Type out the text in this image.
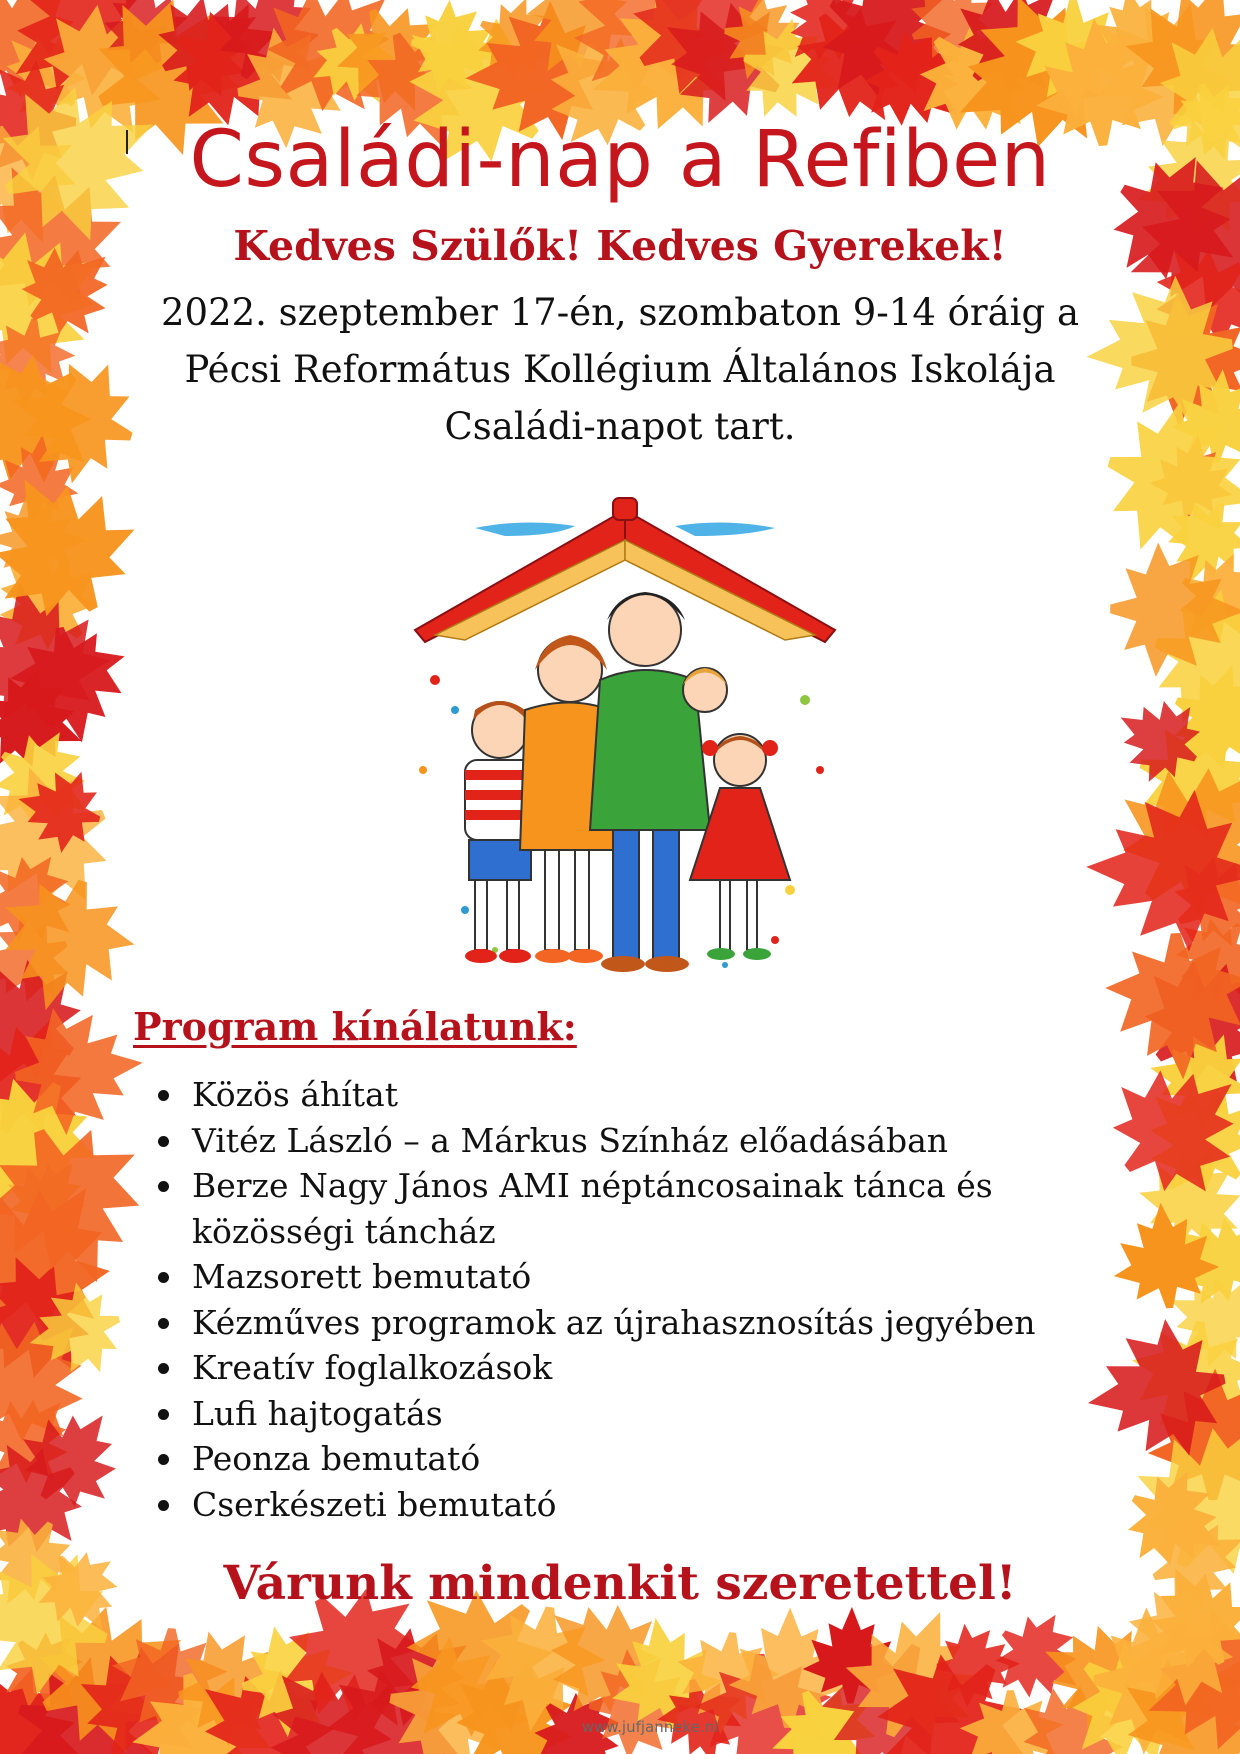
Családi-nap a Refiben
Kedves Szülők! Kedves Gyerekek!
2022. szeptember 17-én, szombaton 9-14 óráig a
Pécsi Református Kollégium Általános Iskolája
Családi-napot tart.
Program kínálatunk:
Közös áhítat
Vitéz László – a Márkus Színház előadásában
Berze Nagy János AMI néptáncosainak tánca és közösségi táncház
Mazsorett bemutató
Kézműves programok az újrahasznosítás jegyében
Kreatív foglalkozások
Lufi hajtogatás
Peonza bemutató
Cserkészeti bemutató
Várunk mindenkit szeretettel!
www.jufjanneke.nl
